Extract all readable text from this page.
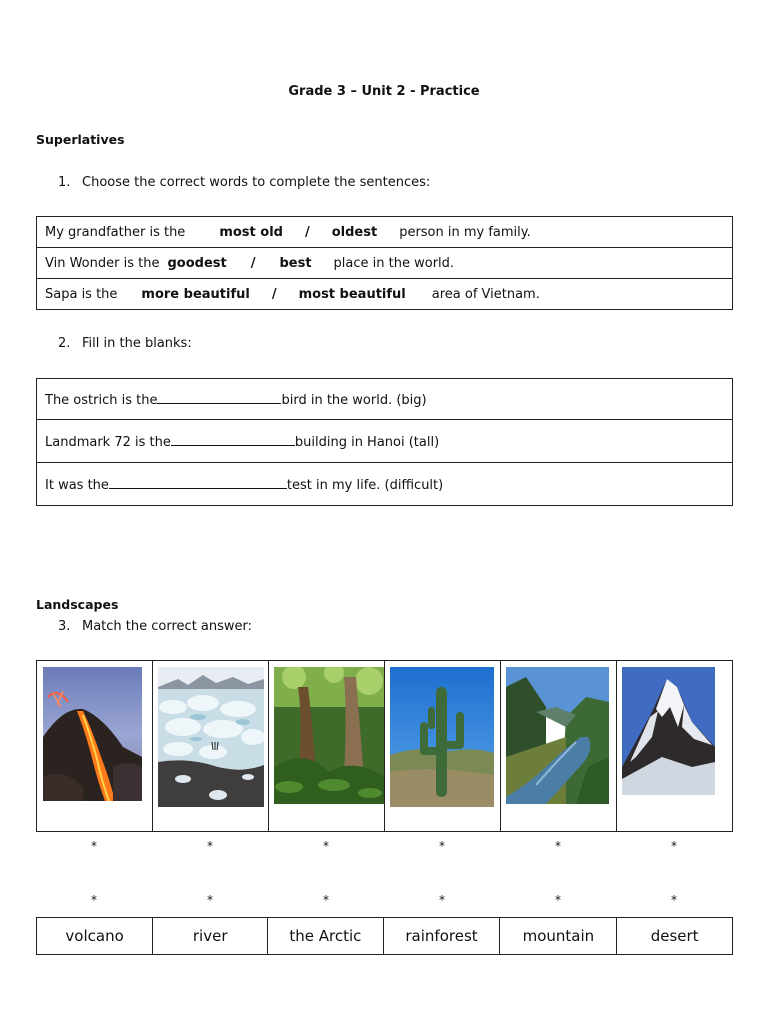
Grade 3 – Unit 2 - Practice
Superlatives
1. Choose the correct words to complete the sentences:
My grandfather is the	most old / oldest person in my family.
Vin Wonder is the goodest / best place in the world.
Sapa is the more beautiful / most beautiful area of Vietnam.
2. Fill in the blanks:
The ostrich is the	bird in the world. (big)
Landmark 72 is the	building in Hanoi (tall)
It was the	test in my life. (difficult)
Landscapes
3. Match the correct answer:
*	*	*	*	*	*
*	*	*	*	*	*
volcano	river	the Arctic	rainforest	mountain	desert
